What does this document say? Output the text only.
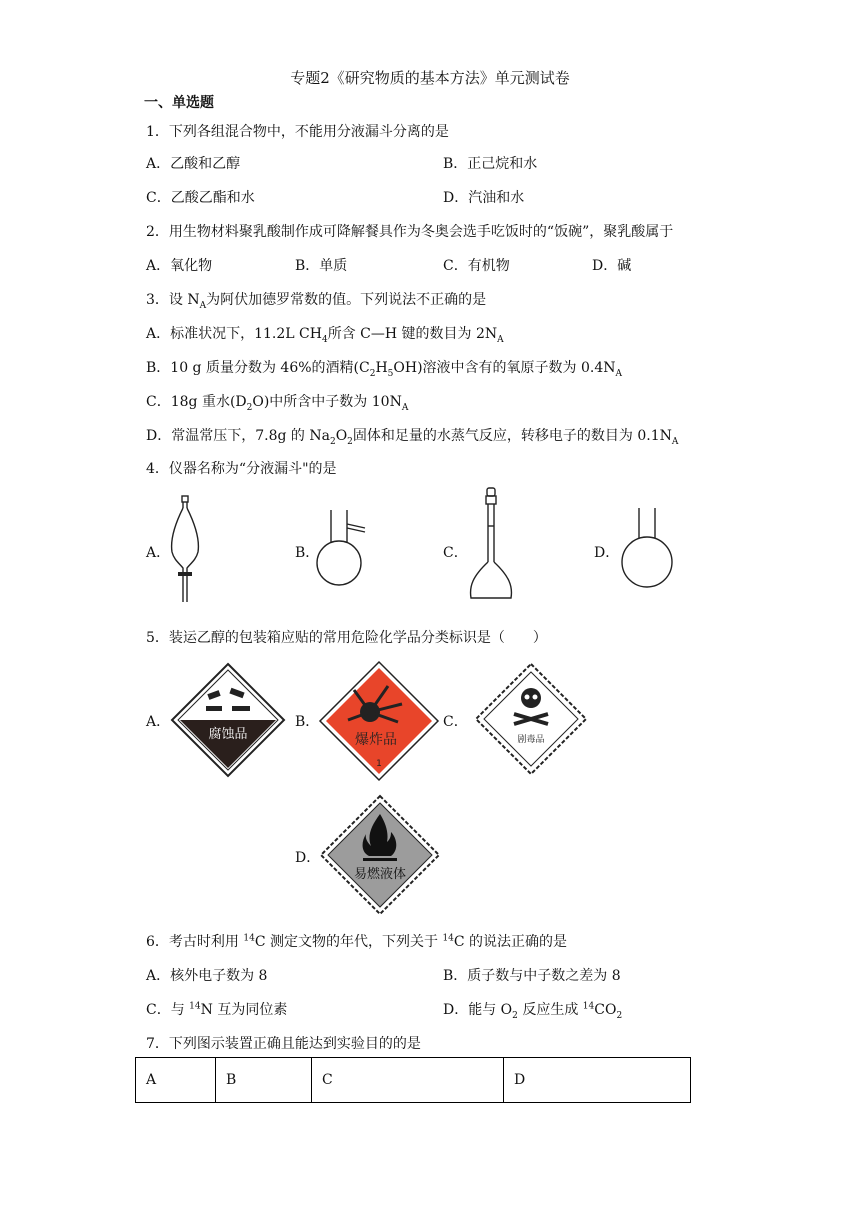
专题2《研究物质的基本方法》单元测试卷
一、单选题
1．下列各组混合物中，不能用分液漏斗分离的是
A．乙酸和乙醇	B．正己烷和水
C．乙酸乙酯和水	D．汽油和水
2．用生物材料聚乳酸制作成可降解餐具作为冬奥会选手吃饭时的“饭碗”，聚乳酸属于
A．氧化物	B．单质	C．有机物	D．碱
3．设 $N_A$为阿伏加德罗常数的值。下列说法不正确的是
A．标准状况下，11.2L $CH_4$所含 C—H 键的数目为 $2N_A$
B．10 g 质量分数为 46%的酒精$(C_2H_5OH)$溶液中含有的氧原子数为 $0.4N_A$
C．18g 重水$(D_2O)$中所含中子数为 $10N_A$
D．常温常压下，7.8g 的 $Na_2O_2$固体和足量的水蒸气反应，转移电子的数目为 $0.1N_A$
4．仪器名称为“分液漏斗"的是
A．	B．	C．	D．
5．装运乙醇的包装箱应贴的常用危险化学品分类标识是（　　）
A．	B．	C．
D．
腐蚀品	爆炸品
1
剧毒品
易燃液体
6．考古时利用 $^{14}$C 测定文物的年代，下列关于 $^{14}$C 的说法正确的是
A．核外电子数为 8	B．质子数与中子数之差为 8
C．与 $^{14}$N 互为同位素	D．能与 $O_2$ 反应生成 $^{14}CO_2$
7．下列图示装置正确且能达到实验目的的是
A	B	C	D
